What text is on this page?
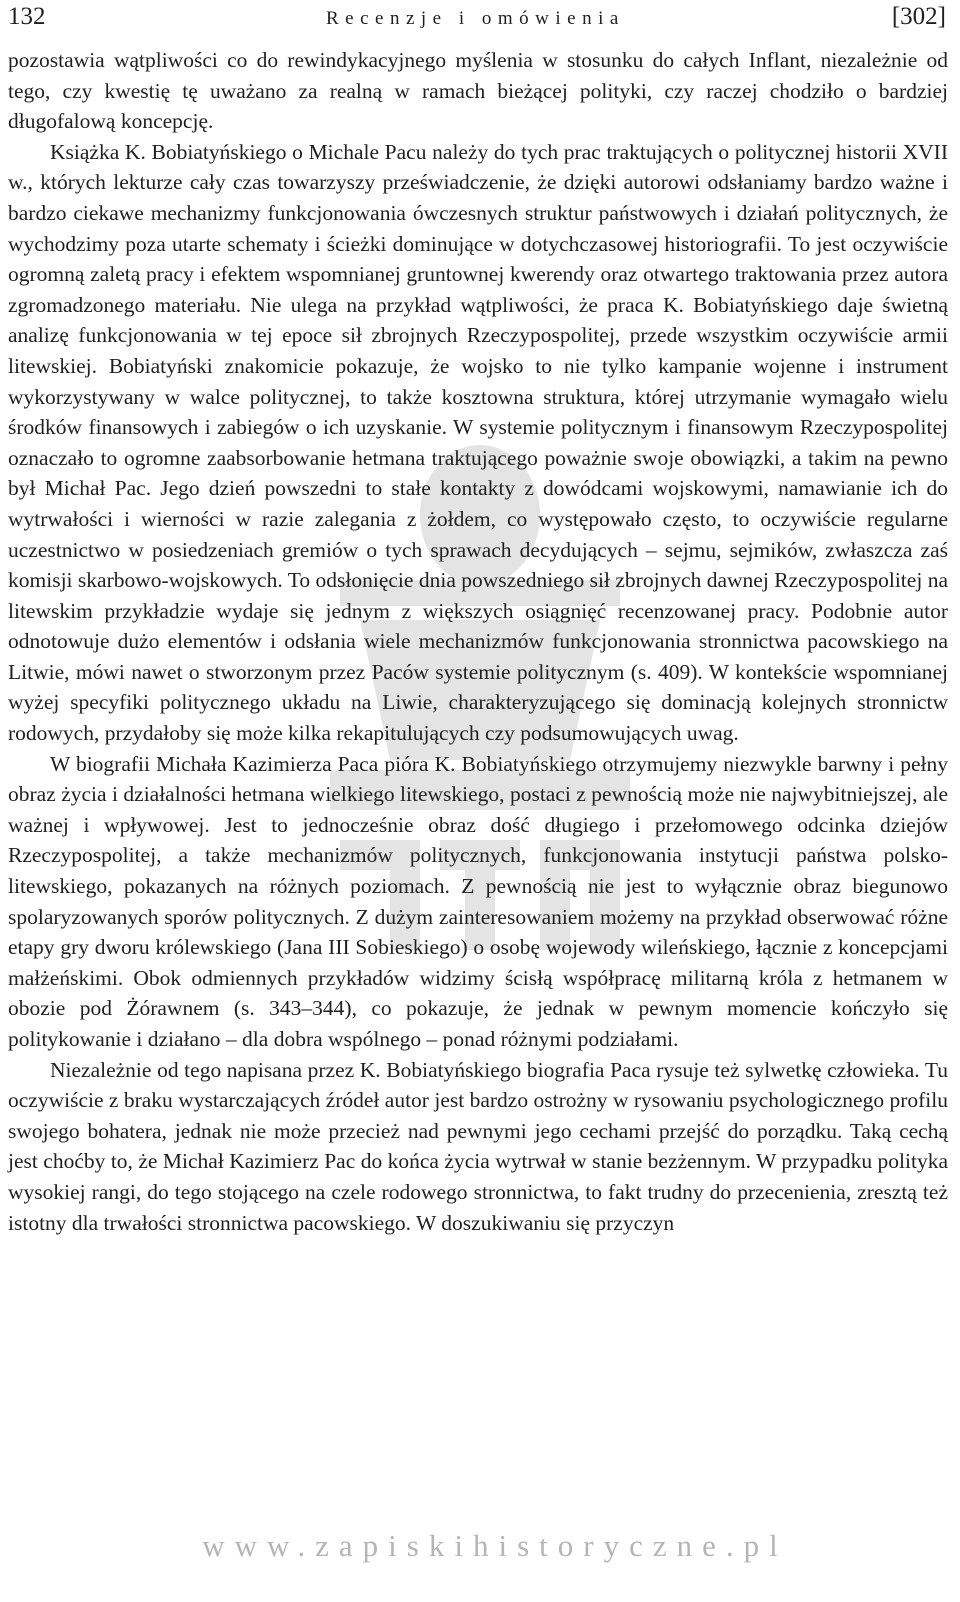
132	Recenzje i omówienia	[302]

pozostawia wątpliwości co do rewindykacyjnego myślenia w stosunku do całych Inflant, niezależnie od tego, czy kwestię tę uważano za realną w ramach bieżącej polityki, czy raczej chodziło o bardziej długofalową koncepcję.

Książka K. Bobiatyńskiego o Michale Pacu należy do tych prac traktujących o politycznej historii XVII w., których lekturze cały czas towarzyszy przeświadczenie, że dzięki autorowi odsłaniamy bardzo ważne i bardzo ciekawe mechanizmy funkcjonowania ówczesnych struktur państwowych i działań politycznych, że wychodzimy poza utarte schematy i ścieżki dominujące w dotychczasowej historiografii. To jest oczywiście ogromną zaletą pracy i efektem wspomnianej gruntownej kwerendy oraz otwartego traktowania przez autora zgromadzonego materiału. Nie ulega na przykład wątpliwości, że praca K. Bobiatyńskiego daje świetną analizę funkcjonowania w tej epoce sił zbrojnych Rzeczypospolitej, przede wszystkim oczywiście armii litewskiej. Bobiatyński znakomicie pokazuje, że wojsko to nie tylko kampanie wojenne i instrument wykorzystywany w walce politycznej, to także kosztowna struktura, której utrzymanie wymagało wielu środków finansowych i zabiegów o ich uzyskanie. W systemie politycznym i finansowym Rzeczypospolitej oznaczało to ogromne zaabsorbowanie hetmana traktującego poważnie swoje obowiązki, a takim na pewno był Michał Pac. Jego dzień powszedni to stałe kontakty z dowódcami wojskowymi, namawianie ich do wytrwałości i wierności w razie zalegania z żołdem, co występowało często, to oczywiście regularne uczestnictwo w posiedzeniach gremiów o tych sprawach decydujących – sejmu, sejmików, zwłaszcza zaś komisji skarbowo-wojskowych. To odsłonięcie dnia powszedniego sił zbrojnych dawnej Rzeczypospolitej na litewskim przykładzie wydaje się jednym z większych osiągnięć recenzowanej pracy. Podobnie autor odnotowuje dużo elementów i odsłania wiele mechanizmów funkcjonowania stronnictwa pacowskiego na Litwie, mówi nawet o stworzonym przez Paców systemie politycznym (s. 409). W kontekście wspomnianej wyżej specyfiki politycznego układu na Liwie, charakteryzującego się dominacją kolejnych stronnictw rodowych, przydałoby się może kilka rekapitulujących czy podsumowujących uwag.

W biografii Michała Kazimierza Paca pióra K. Bobiatyńskiego otrzymujemy niezwykle barwny i pełny obraz życia i działalności hetmana wielkiego litewskiego, postaci z pewnością może nie najwybitniejszej, ale ważnej i wpływowej. Jest to jednocześnie obraz dość długiego i przełomowego odcinka dziejów Rzeczypospolitej, a także mechanizmów politycznych, funkcjonowania instytucji państwa polsko-litewskiego, pokazanych na różnych poziomach. Z pewnością nie jest to wyłącznie obraz biegunowo spolaryzowanych sporów politycznych. Z dużym zainteresowaniem możemy na przykład obserwować różne etapy gry dworu królewskiego (Jana III Sobieskiego) o osobę wojewody wileńskiego, łącznie z koncepcjami małżeńskimi. Obok odmiennych przykładów widzimy ścisłą współpracę militarną króla z hetmanem w obozie pod Żórawnem (s. 343–344), co pokazuje, że jednak w pewnym momencie kończyło się politykowanie i działano – dla dobra wspólnego – ponad różnymi podziałami.

Niezależnie od tego napisana przez K. Bobiatyńskiego biografia Paca rysuje też sylwetkę człowieka. Tu oczywiście z braku wystarczających źródeł autor jest bardzo ostrożny w rysowaniu psychologicznego profilu swojego bohatera, jednak nie może przecież nad pewnymi jego cechami przejść do porządku. Taką cechą jest choćby to, że Michał Kazimierz Pac do końca życia wytrwał w stanie bezżennym. W przypadku polityka wysokiej rangi, do tego stojącego na czele rodowego stronnictwa, to fakt trudny do przecenienia, zresztą też istotny dla trwałości stronnictwa pacowskiego. W doszukiwaniu się przyczyn

www.zapiskihistoryczne.pl
